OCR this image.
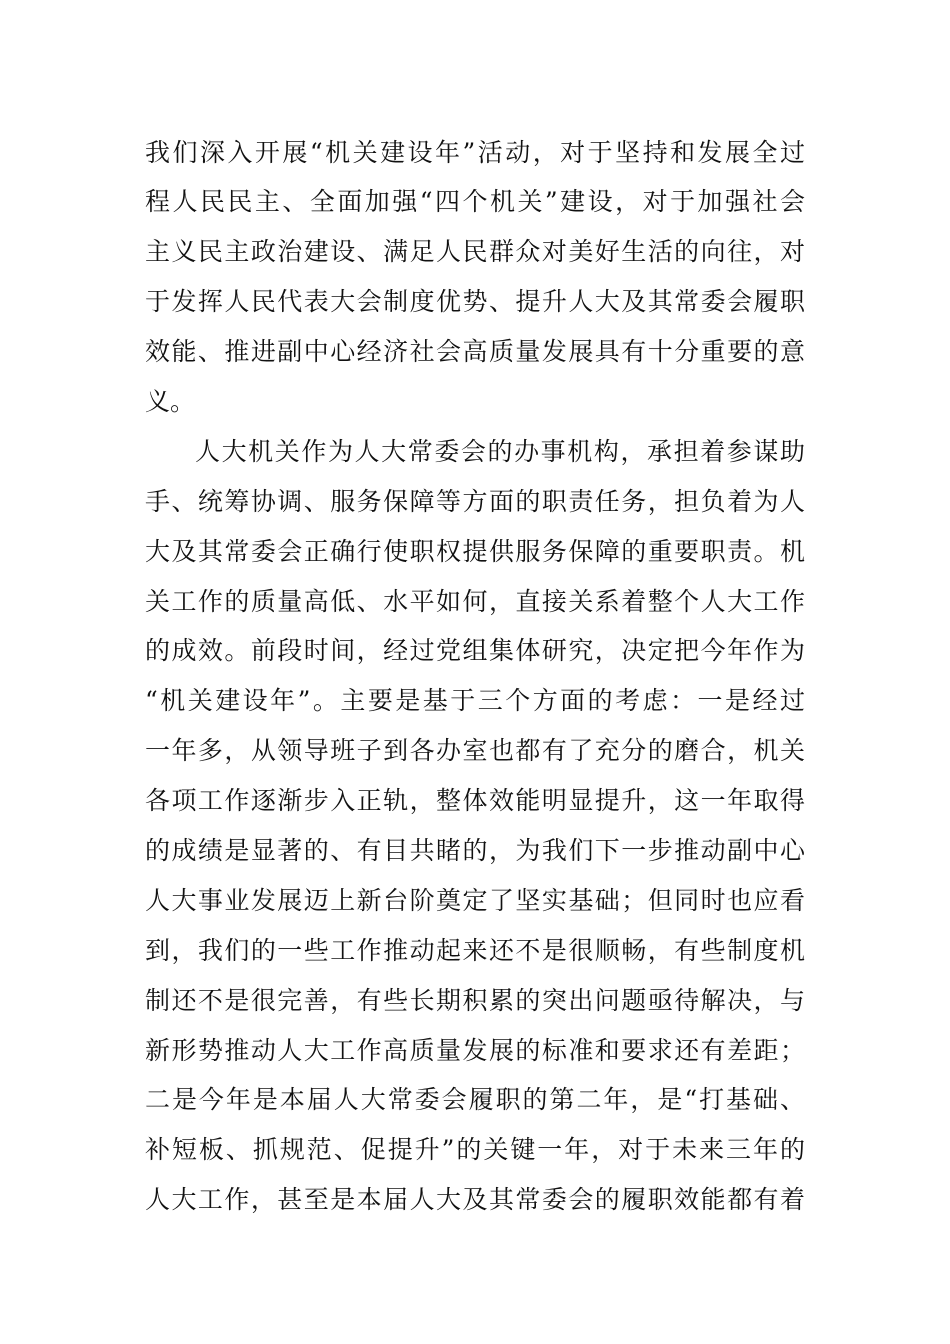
我们深入开展“机关建设年”活动，对于坚持和发展全过
程人民民主、全面加强“四个机关”建设，对于加强社会
主义民主政治建设、满足人民群众对美好生活的向往，对
于发挥人民代表大会制度优势、提升人大及其常委会履职
效能、推进副中心经济社会高质量发展具有十分重要的意
义。
人大机关作为人大常委会的办事机构，承担着参谋助
手、统筹协调、服务保障等方面的职责任务，担负着为人
大及其常委会正确行使职权提供服务保障的重要职责。机
关工作的质量高低、水平如何，直接关系着整个人大工作
的成效。前段时间，经过党组集体研究，决定把今年作为
“机关建设年”。主要是基于三个方面的考虑：一是经过
一年多，从领导班子到各办室也都有了充分的磨合，机关
各项工作逐渐步入正轨，整体效能明显提升，这一年取得
的成绩是显著的、有目共睹的，为我们下一步推动副中心
人大事业发展迈上新台阶奠定了坚实基础；但同时也应看
到，我们的一些工作推动起来还不是很顺畅，有些制度机
制还不是很完善，有些长期积累的突出问题亟待解决，与
新形势推动人大工作高质量发展的标准和要求还有差距；
二是今年是本届人大常委会履职的第二年，是“打基础、
补短板、抓规范、促提升”的关键一年，对于未来三年的
人大工作，甚至是本届人大及其常委会的履职效能都有着
